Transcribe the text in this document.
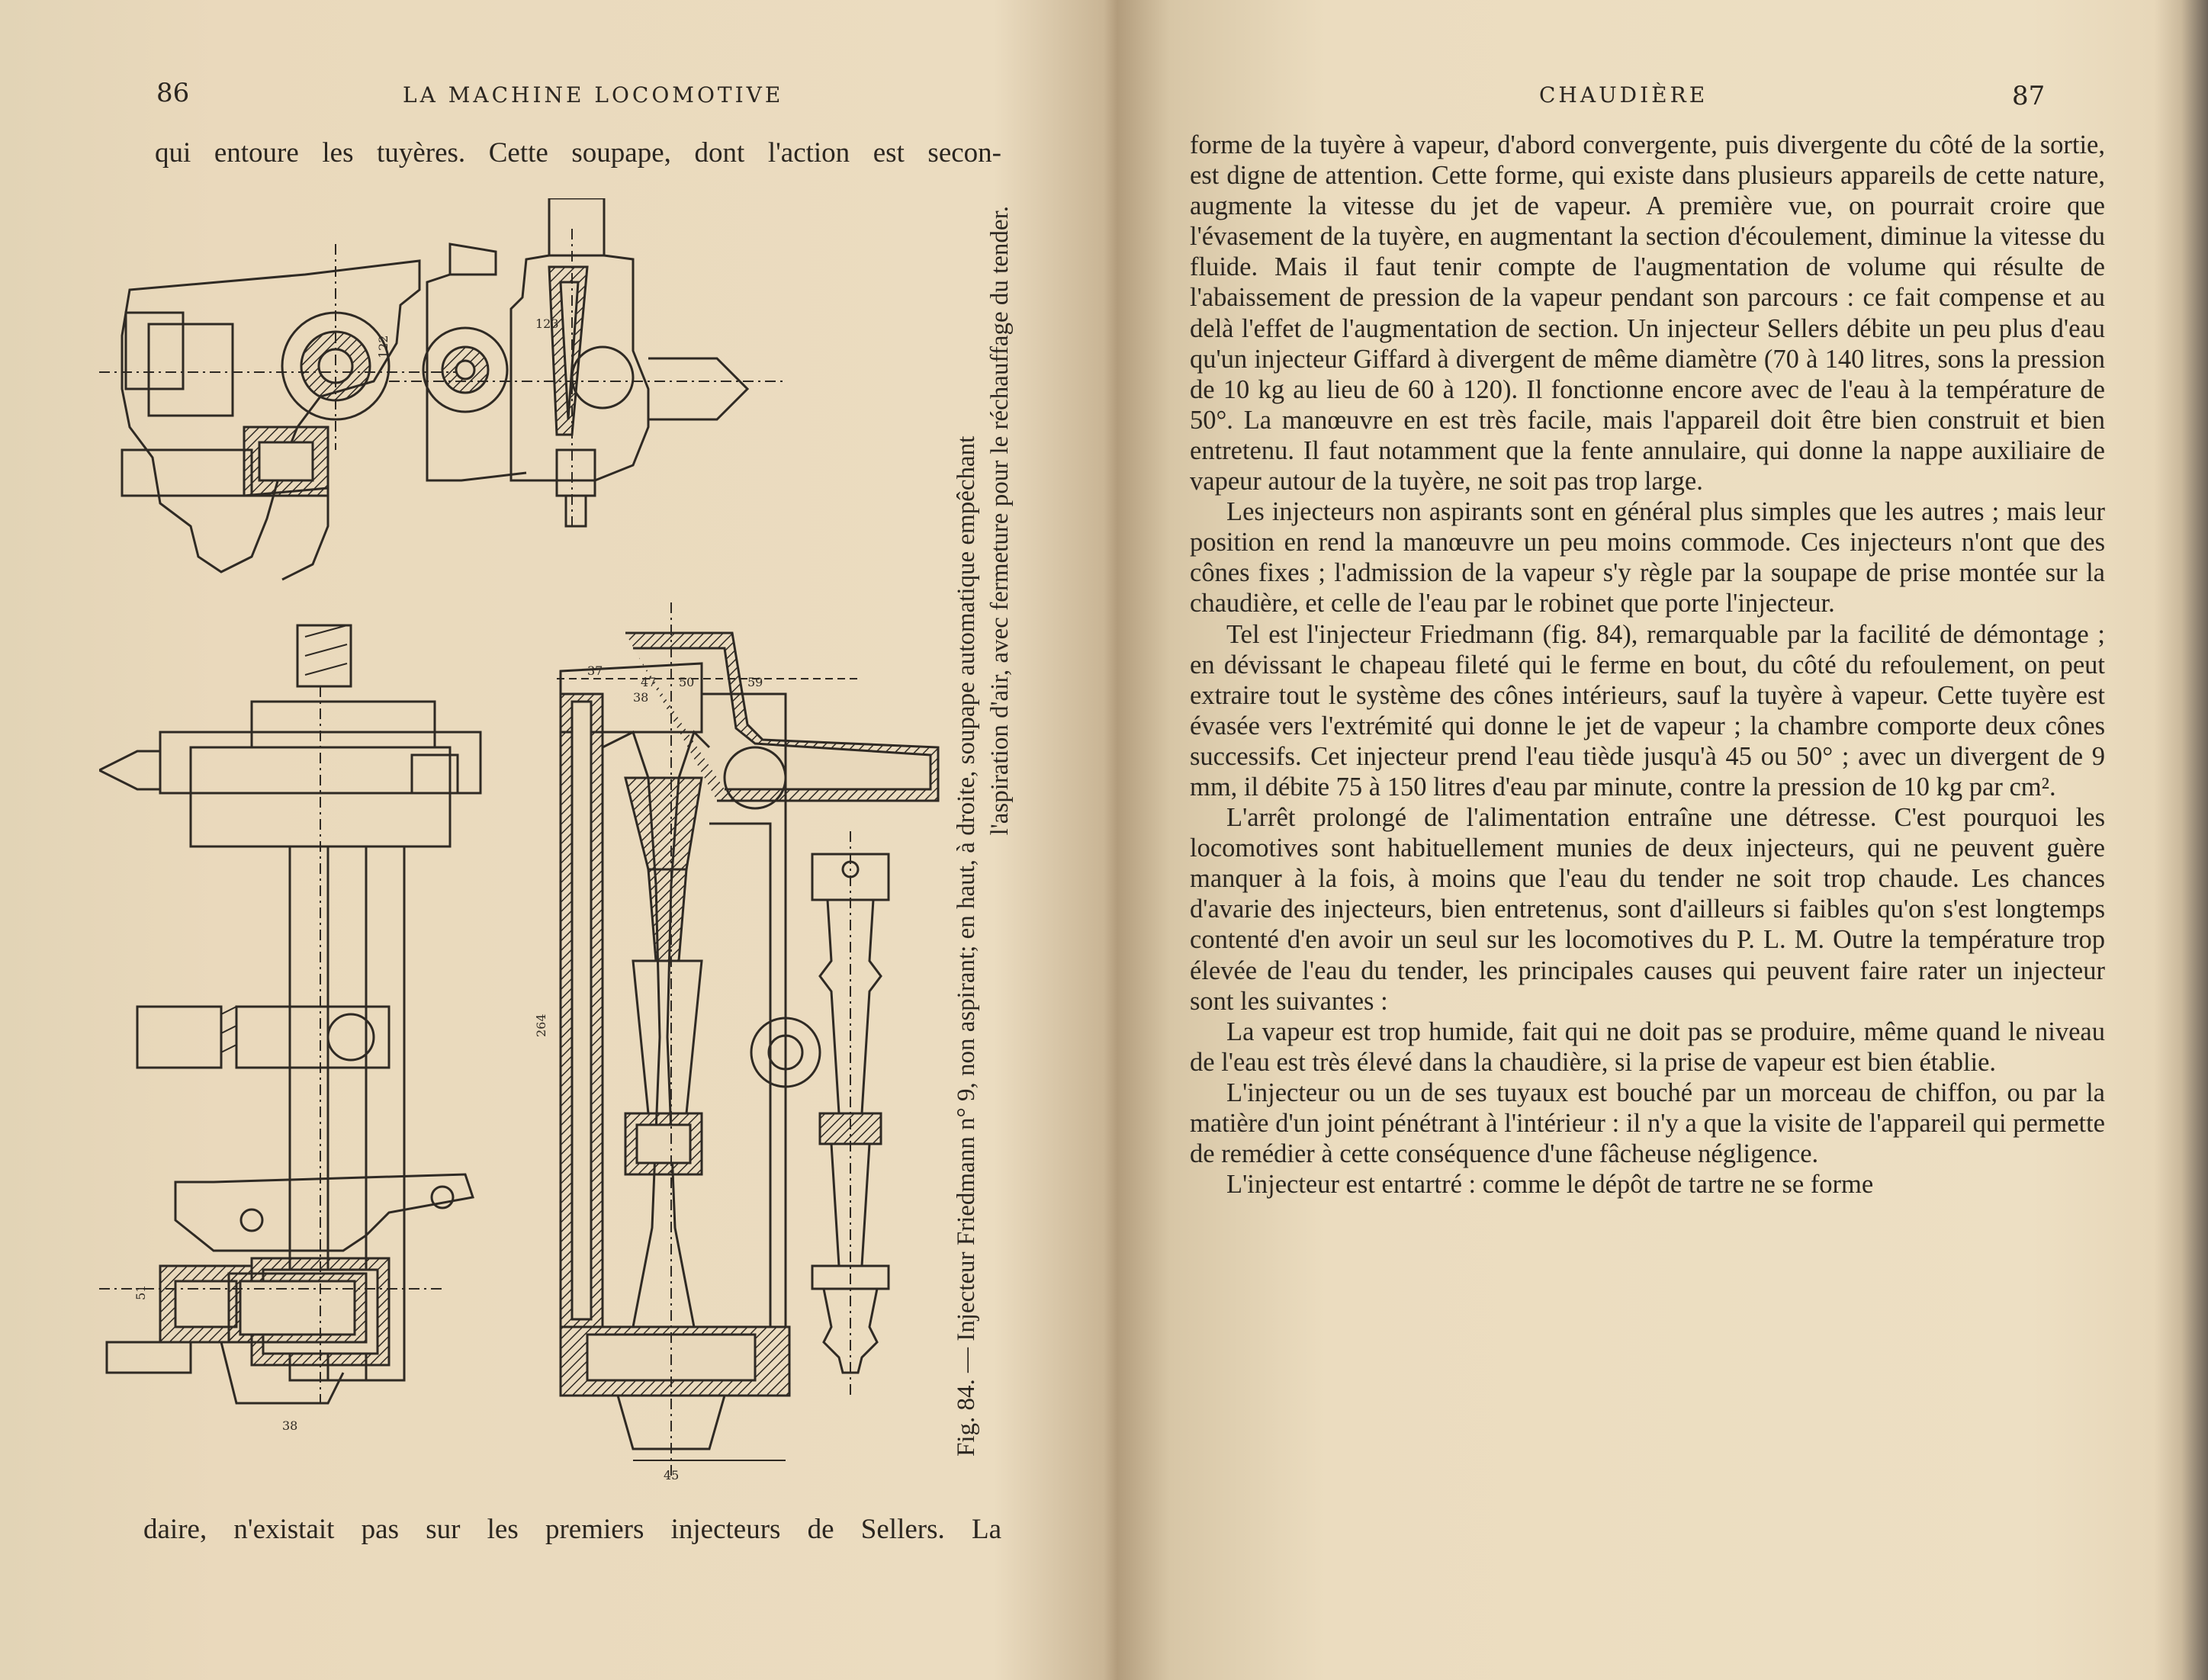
86	LA MACHINE LOCOMOTIVE
qui entoure les tuyères. Cette soupape, dont l'action est secon-
123
122
51
38
37
38
47 50	59
264
45
Fig. 84. — Injecteur Friedmann n° 9, non aspirant; en haut, à droite, soupape automatique empêchant l'aspiration d'air, avec fermeture pour le réchauffage du tender.
daire, n'existait pas sur les premiers injecteurs de Sellers. La
CHAUDIÈRE	87

forme de la tuyère à vapeur, d'abord convergente, puis divergente du côté de la sortie, est digne de attention. Cette forme, qui existe dans plusieurs appareils de cette nature, augmente la vitesse du jet de vapeur. A première vue, on pourrait croire que l'évasement de la tuyère, en augmentant la section d'écoulement, diminue la vitesse du fluide. Mais il faut tenir compte de l'augmentation de volume qui résulte de l'abaissement de pression de la vapeur pendant son parcours : ce fait compense et au delà l'effet de l'augmentation de section. Un injecteur Sellers débite un peu plus d'eau qu'un injecteur Giffard à divergent de même diamètre (70 à 140 litres, sons la pression de 10 kg au lieu de 60 à 120). Il fonctionne encore avec de l'eau à la température de 50°. La manœuvre en est très facile, mais l'appareil doit être bien construit et bien entretenu. Il faut notamment que la fente annulaire, qui donne la nappe auxiliaire de vapeur autour de la tuyère, ne soit pas trop large.

Les injecteurs non aspirants sont en général plus simples que les autres ; mais leur position en rend la manœuvre un peu moins commode. Ces injecteurs n'ont que des cônes fixes ; l'admission de la vapeur s'y règle par la soupape de prise montée sur la chaudière, et celle de l'eau par le robinet que porte l'injecteur.

Tel est l'injecteur Friedmann (fig. 84), remarquable par la facilité de démontage ; en dévissant le chapeau fileté qui le ferme en bout, du côté du refoulement, on peut extraire tout le système des cônes intérieurs, sauf la tuyère à vapeur. Cette tuyère est évasée vers l'extrémité qui donne le jet de vapeur ; la chambre comporte deux cônes successifs. Cet injecteur prend l'eau tiède jusqu'à 45 ou 50° ; avec un divergent de 9 mm, il débite 75 à 150 litres d'eau par minute, contre la pression de 10 kg par cm².

L'arrêt prolongé de l'alimentation entraîne une détresse. C'est pourquoi les locomotives sont habituellement munies de deux injecteurs, qui ne peuvent guère manquer à la fois, à moins que l'eau du tender ne soit trop chaude. Les chances d'avarie des injecteurs, bien entretenus, sont d'ailleurs si faibles qu'on s'est longtemps contenté d'en avoir un seul sur les locomotives du P. L. M. Outre la température trop élevée de l'eau du tender, les principales causes qui peuvent faire rater un injecteur sont les suivantes :

La vapeur est trop humide, fait qui ne doit pas se produire, même quand le niveau de l'eau est très élevé dans la chaudière, si la prise de vapeur est bien établie.

L'injecteur ou un de ses tuyaux est bouché par un morceau de chiffon, ou par la matière d'un joint pénétrant à l'intérieur : il n'y a que la visite de l'appareil qui permette de remédier à cette conséquence d'une fâcheuse négligence.

L'injecteur est entartré : comme le dépôt de tartre ne se forme
